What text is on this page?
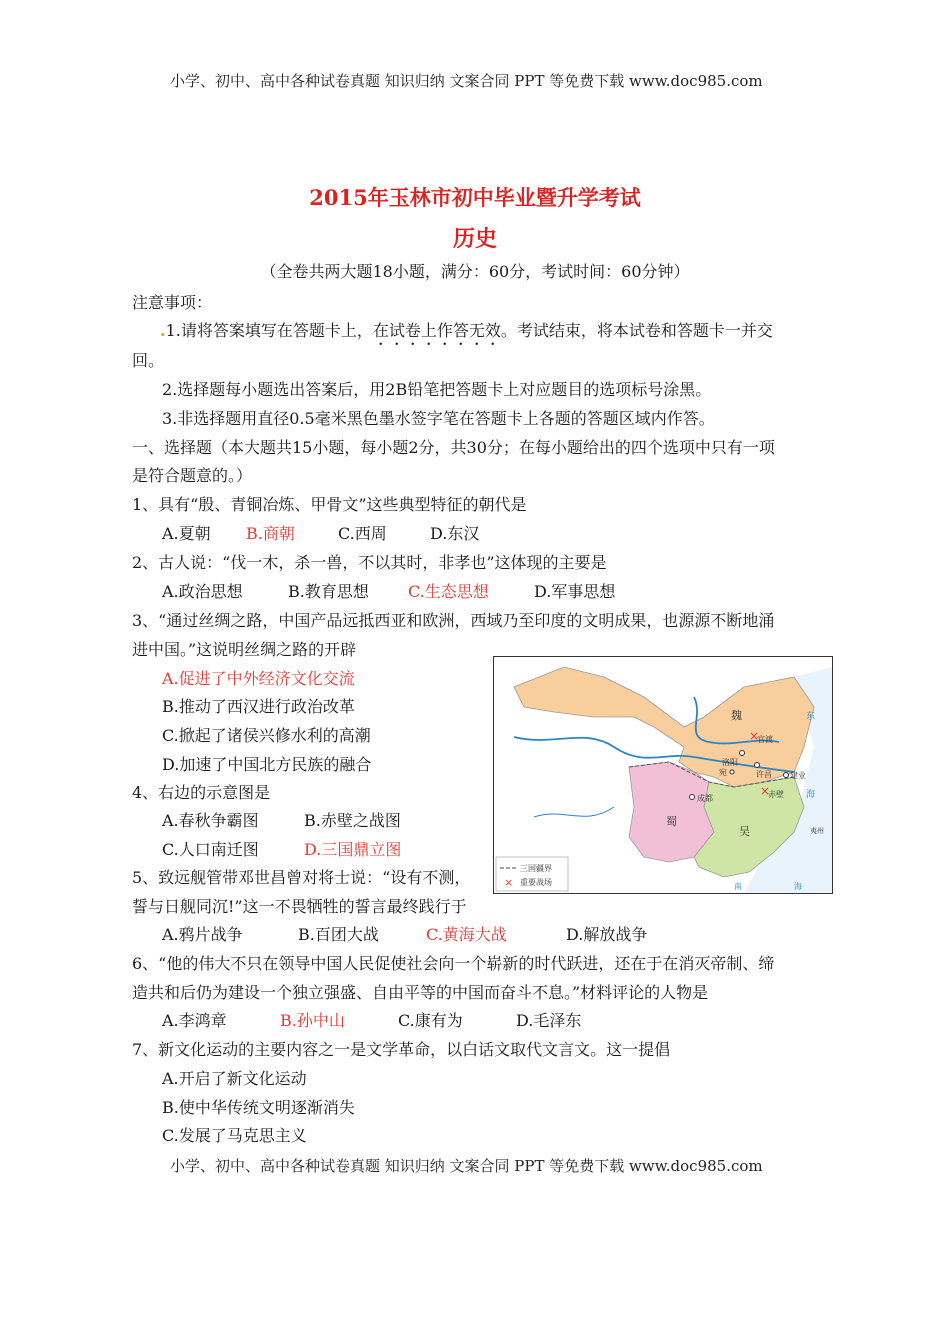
小学、初中、高中各种试卷真题 知识归纳 文案合同 PPT 等免费下载 www.doc985.com
2015年玉林市初中毕业暨升学考试
历史
（全卷共两大题18小题，满分：60分，考试时间：60分钟）
注意事项：
.1.请将答案填写在答题卡上，在试卷上作答无效。考试结束，将本试卷和答题卡一并交
回。
2.选择题每小题选出答案后，用2B铅笔把答题卡上对应题目的选项标号涂黑。
3.非选择题用直径0.5毫米黑色墨水签字笔在答题卡上各题的答题区域内作答。
一、选择题（本大题共15小题，每小题2分，共30分；在每小题给出的四个选项中只有一项
是符合题意的。）
1、具有“殷、青铜冶炼、甲骨文”这些典型特征的朝代是
A.夏朝 B.商朝	C.西周	D.东汉
2、古人说：“伐一木，杀一兽，不以其时，非孝也”这体现的主要是
A.政治思想	B.教育思想 C.生态思想	D.军事思想
3、“通过丝绸之路，中国产品远抵西亚和欧洲，西域乃至印度的文明成果，也源源不断地涌
进中国。”这说明丝绸之路的开辟
A.促进了中外经济文化交流
B.推动了西汉进行政治改革
C.掀起了诸侯兴修水利的高潮
D.加速了中国北方民族的融合
4、右边的示意图是
A.春秋争霸图	B.赤壁之战图
C.人口南迁图	D.三国鼎立图
5、致远舰管带邓世昌曾对将士说：“设有不测，
誓与日舰同沉!”这一不畏牺牲的誓言最终践行于
A.鸦片战争	B.百团大战	C.黄海大战	D.解放战争
6、“他的伟大不只在领导中国人民促使社会向一个崭新的时代跃进，还在于在消灭帝制、缔
造共和后仍为建设一个独立强盛、自由平等的中国而奋斗不息。”材料评论的人物是
A.李鸿章	B.孙中山	C.康有为	D.毛泽东
7、新文化运动的主要内容之一是文学革命，以白话文取代文言文。这一提倡
A.开启了新文化运动
B.使中华传统文明逐渐消失
C.发展了马克思主义
小学、初中、高中各种试卷真题 知识归纳 文案合同 PPT 等免费下载 www.doc985.com
魏
蜀
吴
洛阳
许昌
成都
建业
宛
×
赤壁
×
官渡
东
海
夷州
南	海
三国疆界
× 重要战场
